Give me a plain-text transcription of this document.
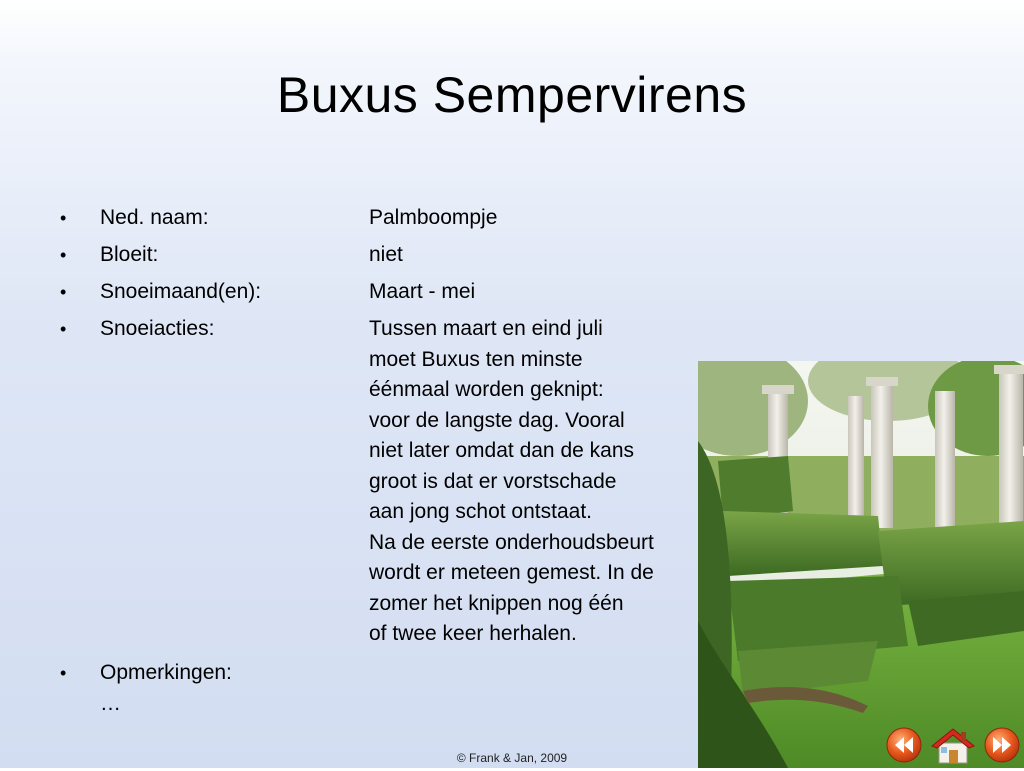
Buxus Sempervirens
•	Ned. naam:	Palmboompje
•	Bloeit:	niet
•	Snoeimaand(en):	Maart - mei
•	Snoeiacties:	Tussen maart en eind juli
moet Buxus ten minste
éénmaal worden geknipt:
voor de langste dag. Vooral
niet later omdat dan de kans
groot is dat er vorstschade
aan jong schot ontstaat.
Na de eerste onderhoudsbeurt
wordt er meteen gemest. In de
zomer het knippen nog één
of twee keer herhalen.
•	Opmerkingen:
…
© Frank & Jan, 2009
